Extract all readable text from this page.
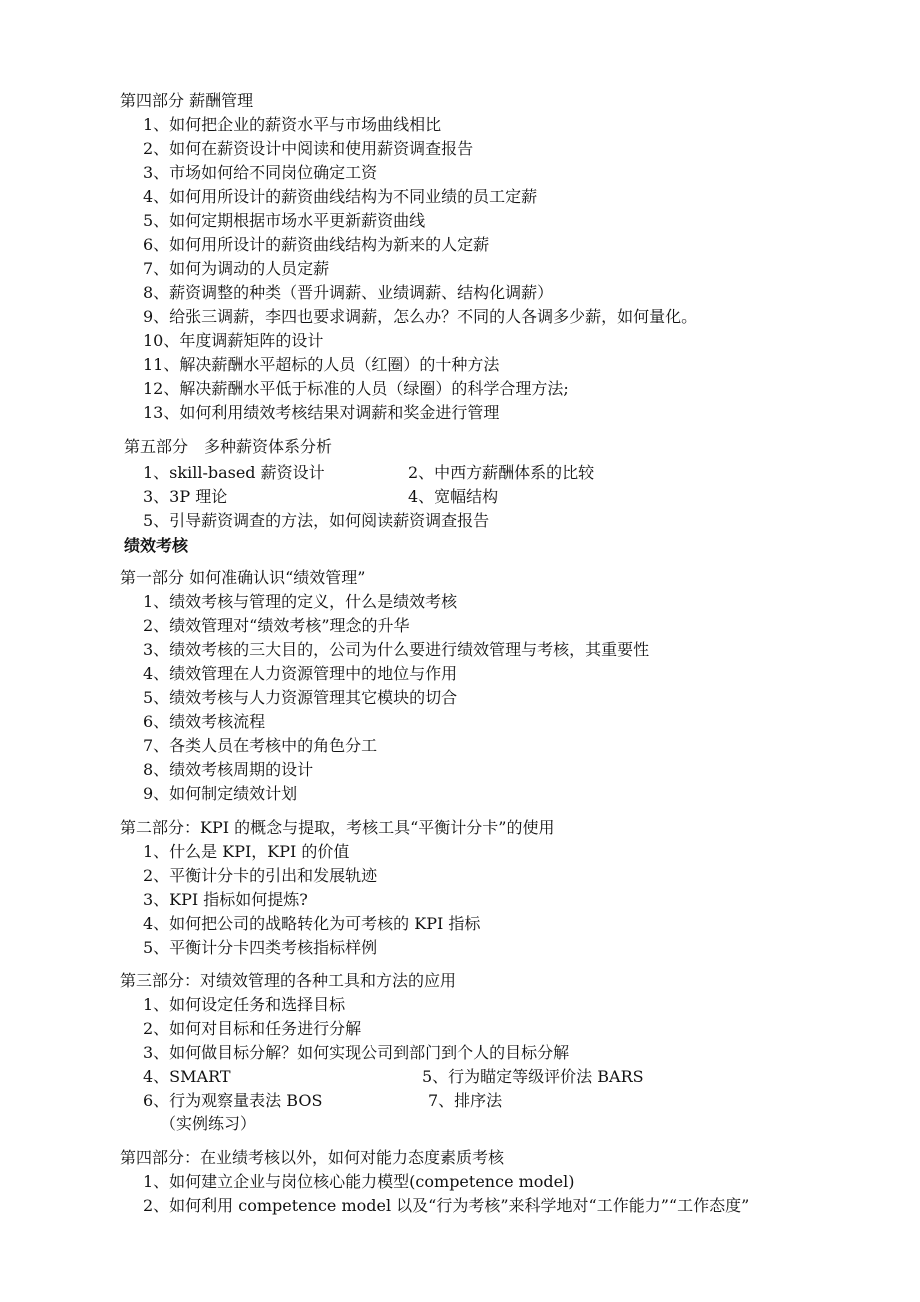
第四部分 薪酬管理
1、如何把企业的薪资水平与市场曲线相比
2、如何在薪资设计中阅读和使用薪资调查报告
3、市场如何给不同岗位确定工资
4、如何用所设计的薪资曲线结构为不同业绩的员工定薪
5、如何定期根据市场水平更新薪资曲线
6、如何用所设计的薪资曲线结构为新来的人定薪
7、如何为调动的人员定薪
8、薪资调整的种类（晋升调薪、业绩调薪、结构化调薪）
9、给张三调薪，李四也要求调薪，怎么办？不同的人各调多少薪，如何量化。
10、年度调薪矩阵的设计
11、解决薪酬水平超标的人员（红圈）的十种方法
12、解决薪酬水平低于标准的人员（绿圈）的科学合理方法;
13、如何利用绩效考核结果对调薪和奖金进行管理
第五部分　多种薪资体系分析
1、skill-based 薪资设计	2、中西方薪酬体系的比较
3、3P 理论	4、宽幅结构
5、引导薪资调查的方法，如何阅读薪资调查报告
绩效考核
第一部分 如何准确认识“绩效管理”
1、绩效考核与管理的定义，什么是绩效考核
2、绩效管理对“绩效考核”理念的升华
3、绩效考核的三大目的，公司为什么要进行绩效管理与考核，其重要性
4、绩效管理在人力资源管理中的地位与作用
5、绩效考核与人力资源管理其它模块的切合
6、绩效考核流程
7、各类人员在考核中的角色分工
8、绩效考核周期的设计
9、如何制定绩效计划
第二部分：KPI 的概念与提取，考核工具“平衡计分卡”的使用
1、什么是 KPI，KPI 的价值
2、平衡计分卡的引出和发展轨迹
3、KPI 指标如何提炼?
4、如何把公司的战略转化为可考核的 KPI 指标
5、平衡计分卡四类考核指标样例
第三部分：对绩效管理的各种工具和方法的应用
1、如何设定任务和选择目标
2、如何对目标和任务进行分解
3、如何做目标分解？如何实现公司到部门到个人的目标分解
4、SMART	5、行为瞄定等级评价法 BARS
6、行为观察量表法 BOS	7、排序法
（实例练习）
第四部分：在业绩考核以外，如何对能力态度素质考核
1、如何建立企业与岗位核心能力模型(competence model)
2、如何利用 competence model 以及“行为考核”来科学地对“工作能力”“工作态度”
